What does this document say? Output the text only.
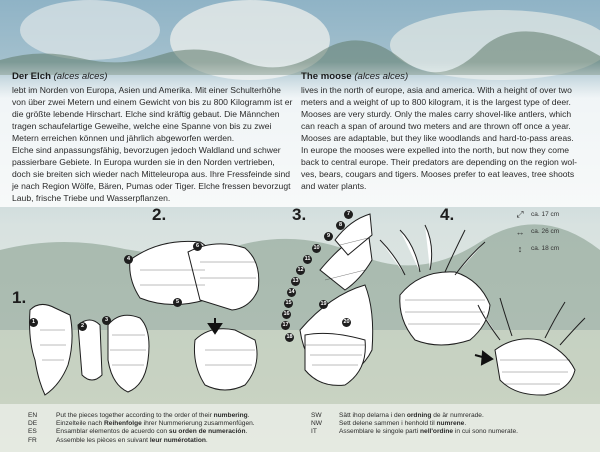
Der Elch (alces alces)
lebt im Norden von Europa, Asien und Amerika. Mit einer Schulterhöhe
von über zwei Metern und einem Gewicht von bis zu 800 Kilogramm ist er
die größte lebende Hirschart. Elche sind kräftig gebaut. Die Männchen
tragen schaufelartige Geweihe, welche eine Spanne von bis zu zwei
Metern erreichen können und jährlich abgeworfen werden.
Elche sind anpassungsfähig, bevorzugen jedoch Waldland und schwer
passierbare Gebiete. In Europa wurden sie in den Norden vertrieben,
doch sie breiten sich wieder nach Mitteleuropa aus. Ihre Fressfeinde sind
je nach Region Wölfe, Bären, Pumas oder Tiger. Elche fressen bevorzugt
Laub, frische Triebe und Wasserpflanzen.
The moose (alces alces)
lives in the north of europe, asia and america. With a height of over two
meters and a weight of up to 800 kilogram, it is the largest type of deer.
Mooses are very sturdy. Only the males carry shovel-like antlers, which
can reach a span of around two meters and are thrown off once a year.
Mooses are adaptable, but they like woodlands and hard-to-pass areas.
In europe the mooses were expelled into the north, but now they come
back to central europe. Their predators are depending on the region wol-
ves, bears, cougars and tigers. Mooses prefer to eat leaves, tree shoots
and water plants.
1.
2.	3.	4.
1
2
3
4
5
6
7
8
9
10
11
12
13
14
15
16
17
18
19
20
⤢	ca. 17 cm
↔	ca. 26 cm
↕	ca. 18 cm
EN	Put the pieces together according to the order of their numbering.
DE	Einzelteile nach Reihenfolge ihrer Nummerierung zusammenfügen.
ES	Ensamblar elementos de acuerdo con su orden de numeración.
FR	Assemble les pièces en suivant leur numérotation.
SW	Sätt ihop delarna i den ordning de är numrerade.
NW	Sett delene sammen i henhold til numrene.
IT	Assemblare le singole parti nell'ordine in cui sono numerate.
